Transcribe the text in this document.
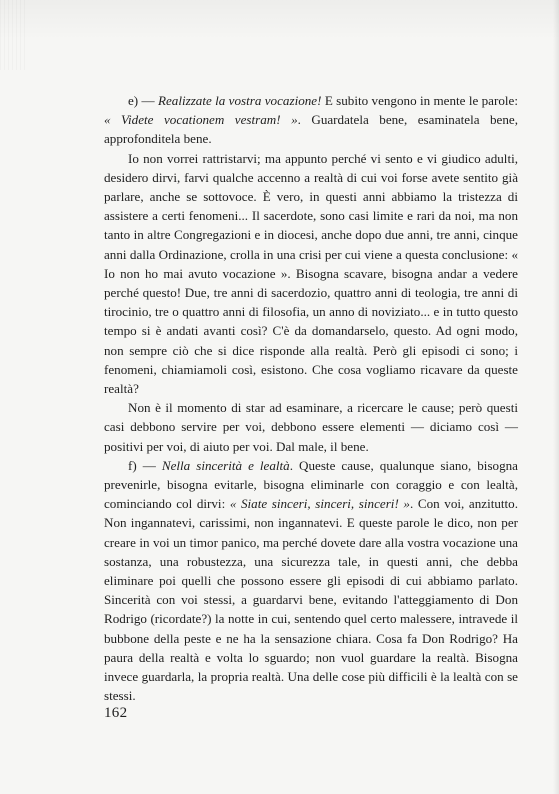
e) — Realizzate la vostra vocazione! E subito vengono in mente le parole: « Videte vocationem vestram! ». Guardatela bene, esaminatela bene, approfonditela bene.

Io non vorrei rattristarvi; ma appunto perché vi sento e vi giudico adulti, desidero dirvi, farvi qualche accenno a realtà di cui voi forse avete sentito già parlare, anche se sottovoce. È vero, in questi anni abbiamo la tristezza di assistere a certi fenomeni... Il sacerdote, sono casi limite e rari da noi, ma non tanto in altre Congregazioni e in diocesi, anche dopo due anni, tre anni, cinque anni dalla Ordinazione, crolla in una crisi per cui viene a questa conclusione: « Io non ho mai avuto vocazione ». Bisogna scavare, bisogna andar a vedere perché questo! Due, tre anni di sacerdozio, quattro anni di teologia, tre anni di tirocinio, tre o quattro anni di filosofia, un anno di noviziato... e in tutto questo tempo si è andati avanti così? C'è da domandarselo, questo. Ad ogni modo, non sempre ciò che si dice risponde alla realtà. Però gli episodi ci sono; i fenomeni, chiamiamoli così, esistono. Che cosa vogliamo ricavare da queste realtà?

Non è il momento di star ad esaminare, a ricercare le cause; però questi casi debbono servire per voi, debbono essere elementi — diciamo così — positivi per voi, di aiuto per voi. Dal male, il bene.

f) — Nella sincerità e lealtà. Queste cause, qualunque siano, bisogna prevenirle, bisogna evitarle, bisogna eliminarle con coraggio e con lealtà, cominciando col dirvi: « Siate sinceri, sinceri, sinceri! ». Con voi, anzitutto. Non ingannatevi, carissimi, non ingannatevi. E queste parole le dico, non per creare in voi un timor panico, ma perché dovete dare alla vostra vocazione una sostanza, una robustezza, una sicurezza tale, in questi anni, che debba eliminare poi quelli che possono essere gli episodi di cui abbiamo parlato. Sincerità con voi stessi, a guardarvi bene, evitando l'atteggiamento di Don Rodrigo (ricordate?) la notte in cui, sentendo quel certo malessere, intravede il bubbone della peste e ne ha la sensazione chiara. Cosa fa Don Rodrigo? Ha paura della realtà e volta lo sguardo; non vuol guardare la realtà. Bisogna invece guardarla, la propria realtà. Una delle cose più difficili è la lealtà con se stessi.

162
